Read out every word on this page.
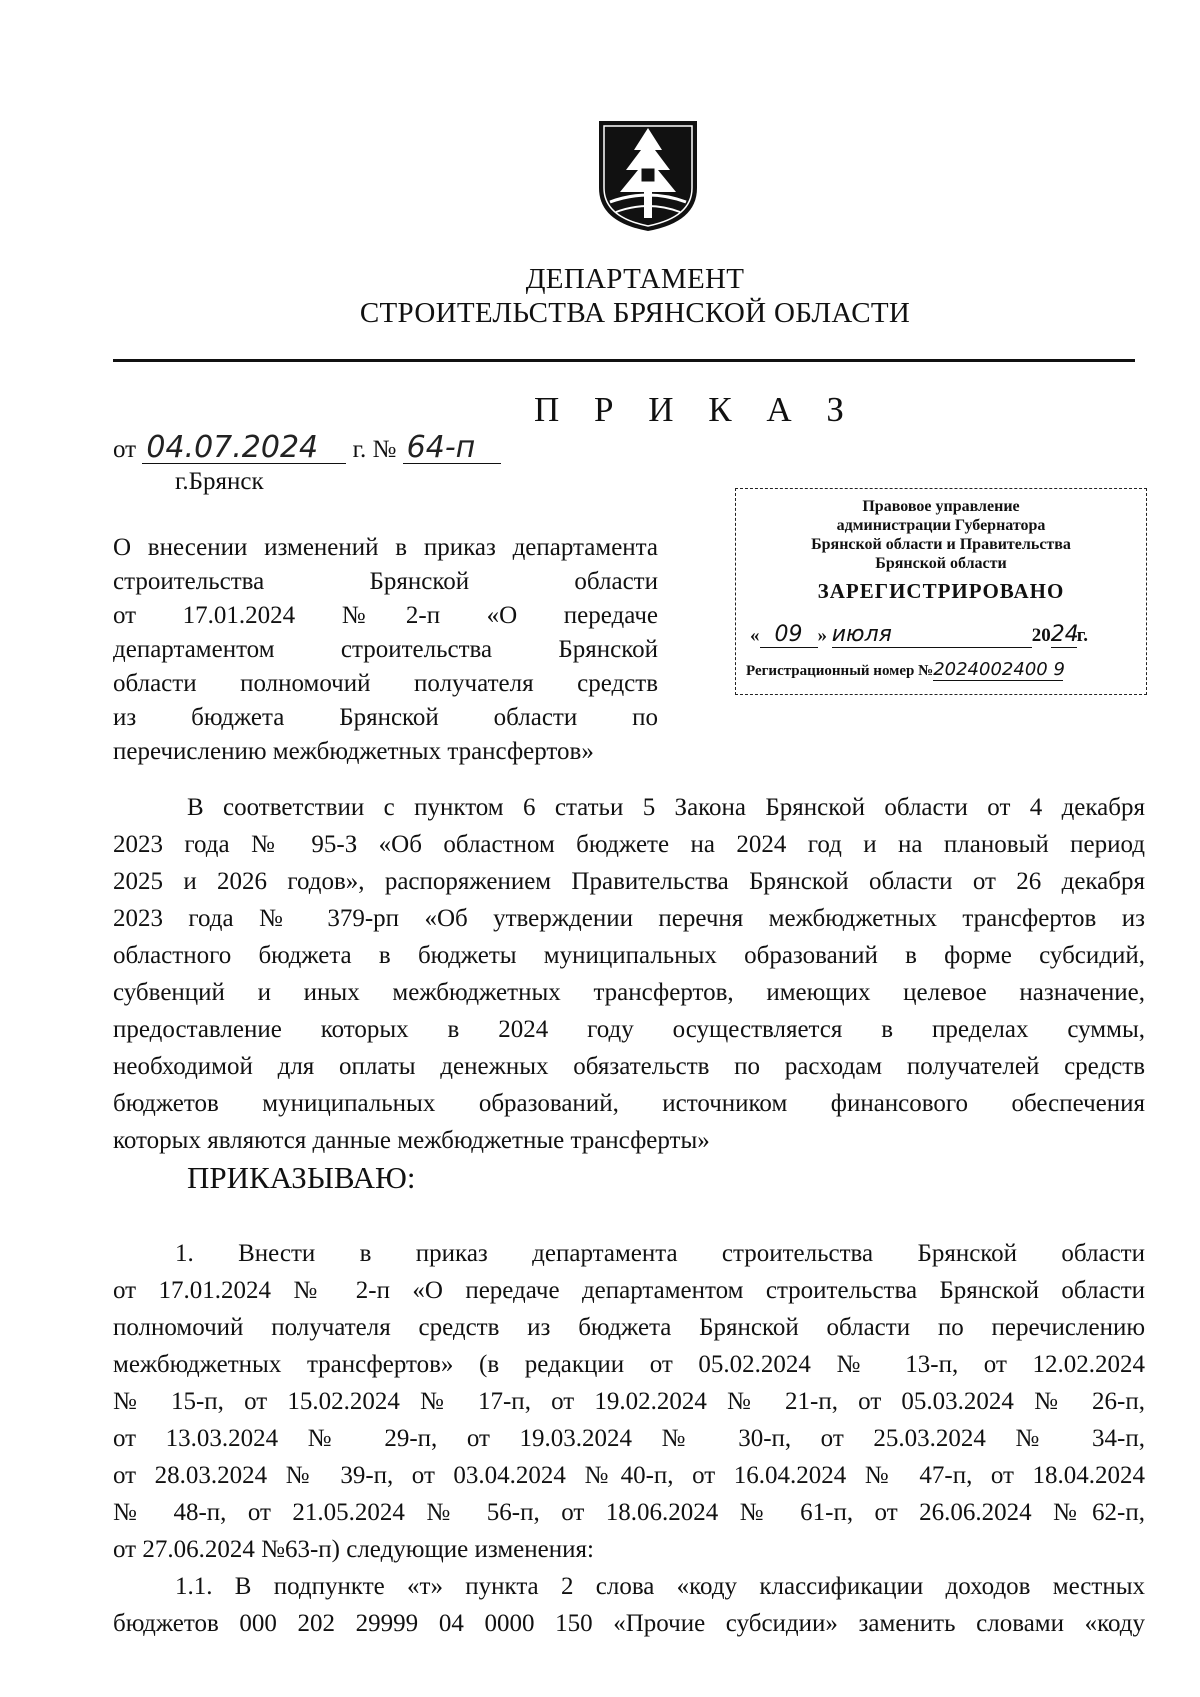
ДЕПАРТАМЕНТ
СТРОИТЕЛЬСТВА БРЯНСКОЙ ОБЛАСТИ
П Р И К А З
от 04.07.2024 г. № 64-п
г.Брянск
О внесении изменений в приказ департамента
строительства Брянской области
от 17.01.2024 №2-п «О передаче
департаментом строительства Брянской
области полномочий получателя средств
из бюджета Брянской области по
перечислению межбюджетных трансфертов»
Правовое управление
администрации Губернатора
Брянской области и Правительства
Брянской области
ЗАРЕГИСТРИРОВАНО
« 09 » июля	2024г.
Регистрационный номер №2024002400 9
В соответствии с пунктом 6 статьи 5 Закона Брянской области от 4 декабря
2023 года № 95-З «Об областном бюджете на 2024 год и на плановый период
2025 и 2026 годов», распоряжением Правительства Брянской области от 26 декабря
2023 года № 379-рп «Об утверждении перечня межбюджетных трансфертов из
областного бюджета в бюджеты муниципальных образований в форме субсидий,
субвенций и иных межбюджетных трансфертов, имеющих целевое назначение,
предоставление которых в 2024 году осуществляется в пределах суммы,
необходимой для оплаты денежных обязательств по расходам получателей средств
бюджетов муниципальных образований, источником финансового обеспечения
которых являются данные межбюджетные трансферты»
ПРИКАЗЫВАЮ:
1. Внести в приказ департамента строительства Брянской области
от 17.01.2024 № 2-п «О передаче департаментом строительства Брянской области
полномочий получателя средств из бюджета Брянской области по перечислению
межбюджетных трансфертов» (в редакции от 05.02.2024 № 13-п, от 12.02.2024
№ 15-п, от 15.02.2024 № 17-п, от 19.02.2024 № 21-п, от 05.03.2024 № 26-п,
от 13.03.2024 № 29-п, от 19.03.2024 № 30-п, от 25.03.2024 № 34-п,
от 28.03.2024 № 39-п, от 03.04.2024 №40-п, от 16.04.2024 № 47-п, от 18.04.2024
№ 48-п, от 21.05.2024 № 56-п, от 18.06.2024 № 61-п, от 26.06.2024 №62-п,
от 27.06.2024 №63-п) следующие изменения:
1.1. В подпункте «т» пункта 2 слова «коду классификации доходов местных
бюджетов 000 202 29999 04 0000 150 «Прочие субсидии» заменить словами «коду
